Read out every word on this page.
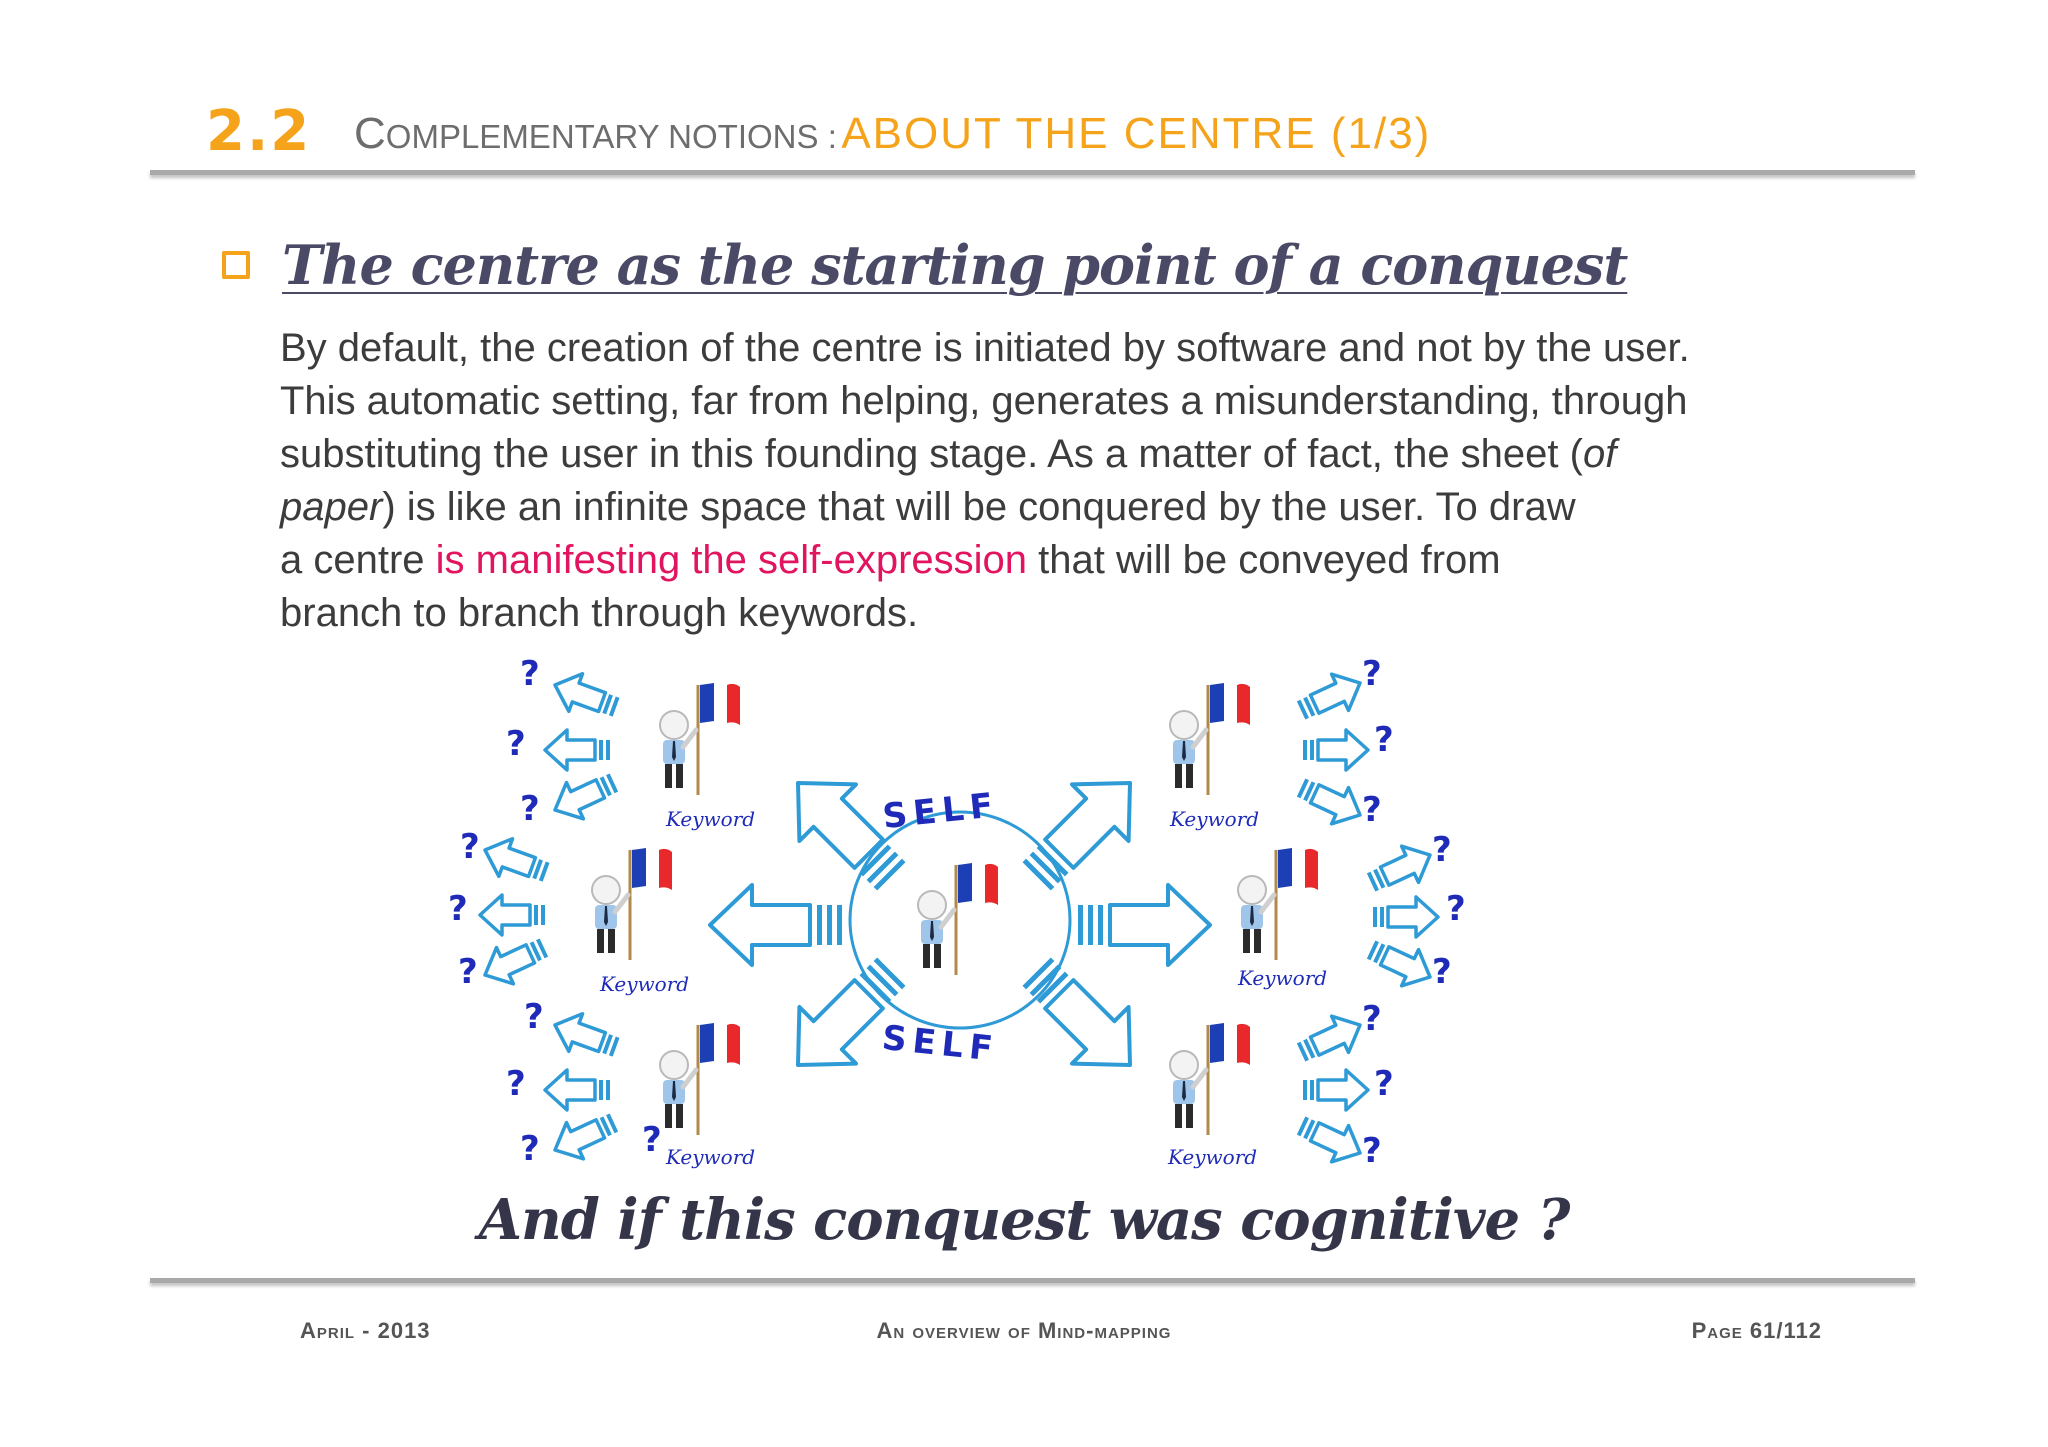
2.2 COMPLEMENTARY NOTIONS : ABOUT THE CENTRE (1/3)
The centre as the starting point of a conquest
By default, the creation of the centre is initiated by software and not by the user.
This automatic setting, far from helping, generates a misunderstanding, through
substituting the user in this founding stage. As a matter of fact, the sheet (of
paper) is like an infinite space that will be conquered by the user. To draw
a centre is manifesting the self-expression that will be conveyed from
branch to branch through keywords.
SELF
SELF
Keyword
Keyword
Keyword
Keyword
Keyword
Keyword
?
?
?
?
?
?
?
?
?	?
?
?
?
?
?
?
?
?
?
And if this conquest was cognitive ?
April - 2013	An overview of Mind-mapping	Page 61/112
